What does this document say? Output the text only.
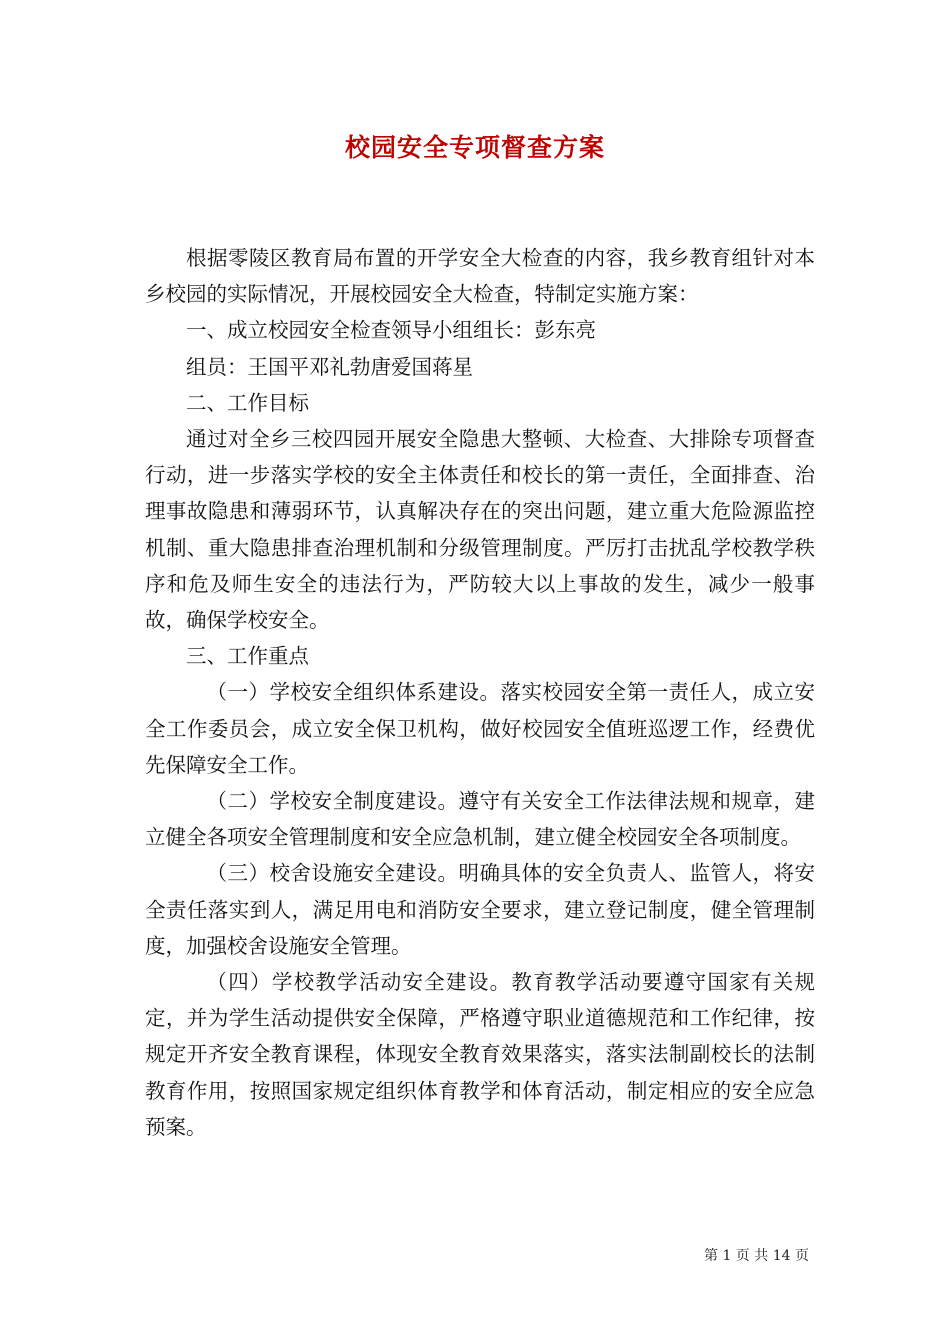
校园安全专项督查方案

根据零陵区教育局布置的开学安全大检查的内容，我乡教育组针对本乡校园的实际情况，开展校园安全大检查，特制定实施方案：

一、成立校园安全检查领导小组组长：彭东亮

组员：王国平邓礼勃唐爱国蒋星

二、工作目标

通过对全乡三校四园开展安全隐患大整顿、大检查、大排除专项督查行动，进一步落实学校的安全主体责任和校长的第一责任，全面排查、治理事故隐患和薄弱环节，认真解决存在的突出问题，建立重大危险源监控机制、重大隐患排查治理机制和分级管理制度。严厉打击扰乱学校教学秩序和危及师生安全的违法行为，严防较大以上事故的发生，减少一般事故，确保学校安全。

三、工作重点

（一）学校安全组织体系建设。落实校园安全第一责任人，成立安全工作委员会，成立安全保卫机构，做好校园安全值班巡逻工作，经费优先保障安全工作。

（二）学校安全制度建设。遵守有关安全工作法律法规和规章，建立健全各项安全管理制度和安全应急机制，建立健全校园安全各项制度。

（三）校舍设施安全建设。明确具体的安全负责人、监管人，将安全责任落实到人，满足用电和消防安全要求，建立登记制度，健全管理制度，加强校舍设施安全管理。

（四）学校教学活动安全建设。教育教学活动要遵守国家有关规定，并为学生活动提供安全保障，严格遵守职业道德规范和工作纪律，按规定开齐安全教育课程，体现安全教育效果落实，落实法制副校长的法制教育作用，按照国家规定组织体育教学和体育活动，制定相应的安全应急预案。

第 1 页 共 14 页
